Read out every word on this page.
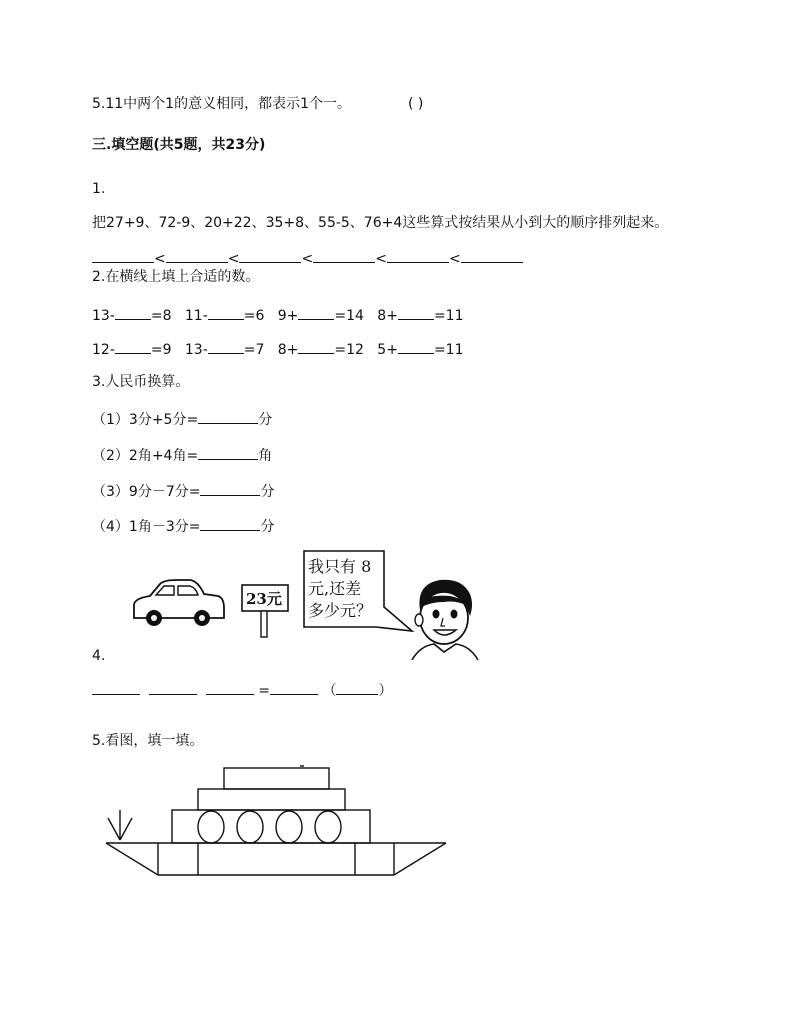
5.11中两个1的意义相同，都表示1个一。	( )
三.填空题(共5题，共23分)
1.
把27+9、72-9、20+22、35+8、55-5、76+4这些算式按结果从小到大的顺序排列起来。
<	<	<	<	<
2.在横线上填上合适的数。
13-	=8 11-	=6 9+	=14 8+	=11
12-	=9 13-	=7 8+	=12 5+	=11
3.人民币换算。
（1）3分+5分=	分
（2）2角+4角=	角
（3）9分－7分=	分
（4）1角－3分=	分
23元
我只有 8
元,还差
多少元？
4.
=	（	）
5.看图，填一填。
